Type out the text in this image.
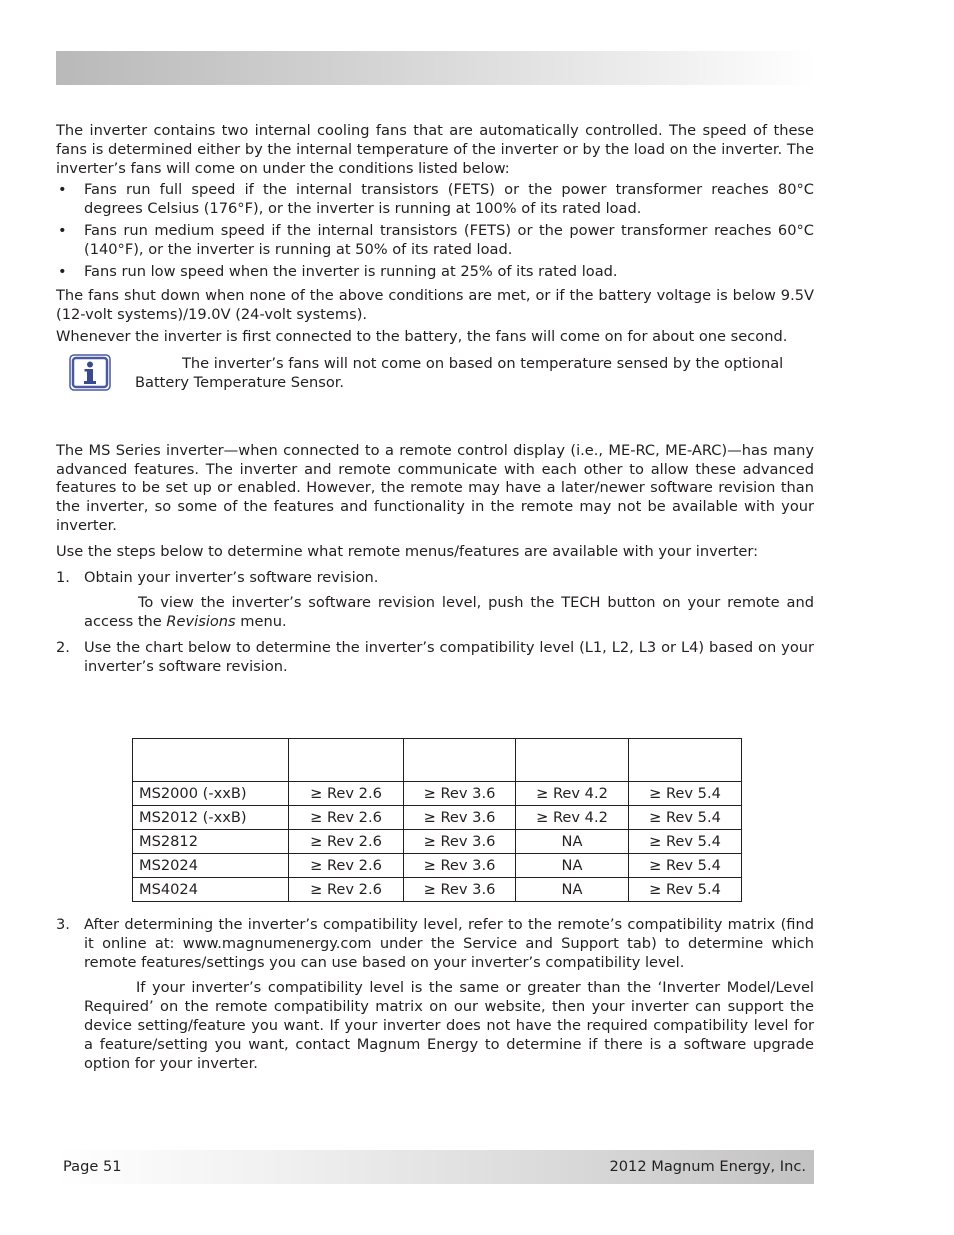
The inverter contains two internal cooling fans that are automatically controlled. The speed of these fans is determined either by the internal temperature of the inverter or by the load on the inverter. The inverter’s fans will come on under the conditions listed below:

• Fans run full speed if the internal transistors (FETS) or the power transformer reaches 80°C degrees Celsius (176°F), or the inverter is running at 100% of its rated load.
• Fans run medium speed if the internal transistors (FETS) or the power transformer reaches 60°C (140°F), or the inverter is running at 50% of its rated load.
• Fans run low speed when the inverter is running at 25% of its rated load.

The fans shut down when none of the above conditions are met, or if the battery voltage is below 9.5V (12-volt systems)/19.0V (24-volt systems).

Whenever the inverter is first connected to the battery, the fans will come on for about one second.

The inverter’s fans will not come on based on temperature sensed by the optional
Battery Temperature Sensor.

The MS Series inverter—when connected to a remote control display (i.e., ME-RC, ME-ARC)—has many advanced features. The inverter and remote communicate with each other to allow these advanced features to be set up or enabled. However, the remote may have a later/newer software revision than the inverter, so some of the features and functionality in the remote may not be available with your inverter.

Use the steps below to determine what remote menus/features are available with your inverter:

1. Obtain your inverter’s software revision.

To view the inverter’s software revision level, push the TECH button on your remote and access the Revisions menu.

2. Use the chart below to determine the inverter’s compatibility level (L1, L2, L3 or L4) based on your inverter’s software revision.

MS2000 (-xxB)	≥ Rev 2.6	≥ Rev 3.6	≥ Rev 4.2	≥ Rev 5.4
MS2012 (-xxB)	≥ Rev 2.6	≥ Rev 3.6	≥ Rev 4.2	≥ Rev 5.4
MS2812	≥ Rev 2.6	≥ Rev 3.6	NA	≥ Rev 5.4
MS2024	≥ Rev 2.6	≥ Rev 3.6	NA	≥ Rev 5.4
MS4024	≥ Rev 2.6	≥ Rev 3.6	NA	≥ Rev 5.4
3. After determining the inverter’s compatibility level, refer to the remote’s compatibility matrix (find it online at: www.magnumenergy.com under the Service and Support tab) to determine which remote features/settings you can use based on your inverter’s compatibility level.

If your inverter’s compatibility level is the same or greater than the ‘Inverter Model/Level Required’ on the remote compatibility matrix on our website, then your inverter can support the device setting/feature you want. If your inverter does not have the required compatibility level for a feature/setting you want, contact Magnum Energy to determine if there is a software upgrade option for your inverter.

Page 51	2012 Magnum Energy, Inc.
